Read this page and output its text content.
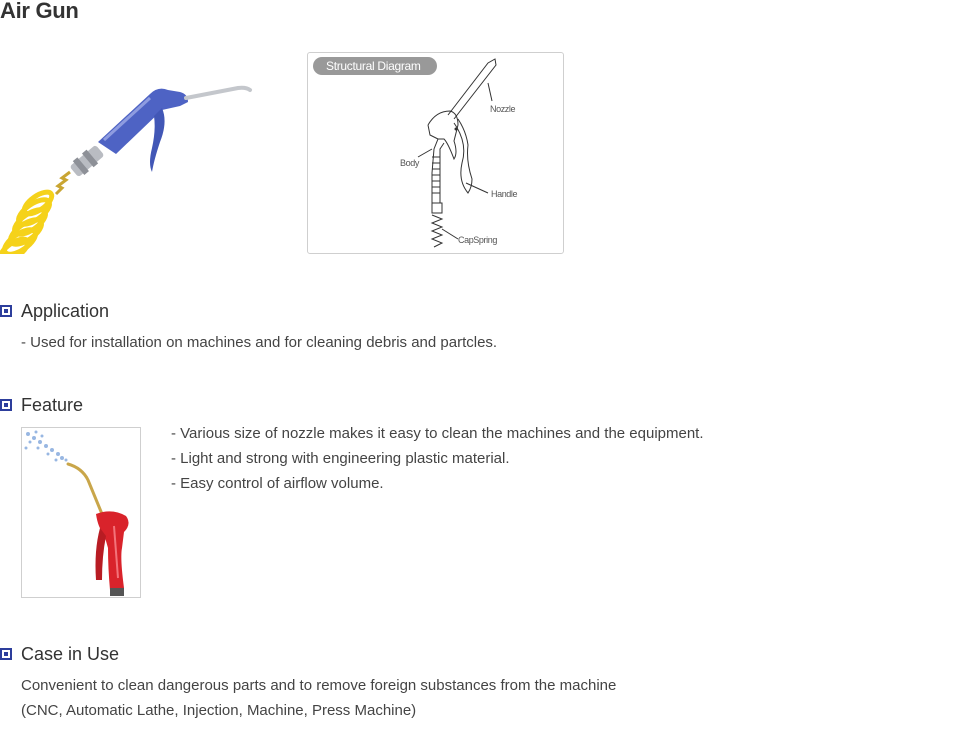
Air Gun
Structural Diagram
Nozzle
Body
Handle
CapSpring
Application
- Used for installation on machines and for cleaning debris and partcles.
Feature
- Various size of nozzle makes it easy to clean the machines and the equipment.
- Light and strong with engineering plastic material.
- Easy control of airflow volume.
Case in Use
Convenient to clean dangerous parts and to remove foreign substances from the machine
(CNC, Automatic Lathe, Injection, Machine, Press Machine)
